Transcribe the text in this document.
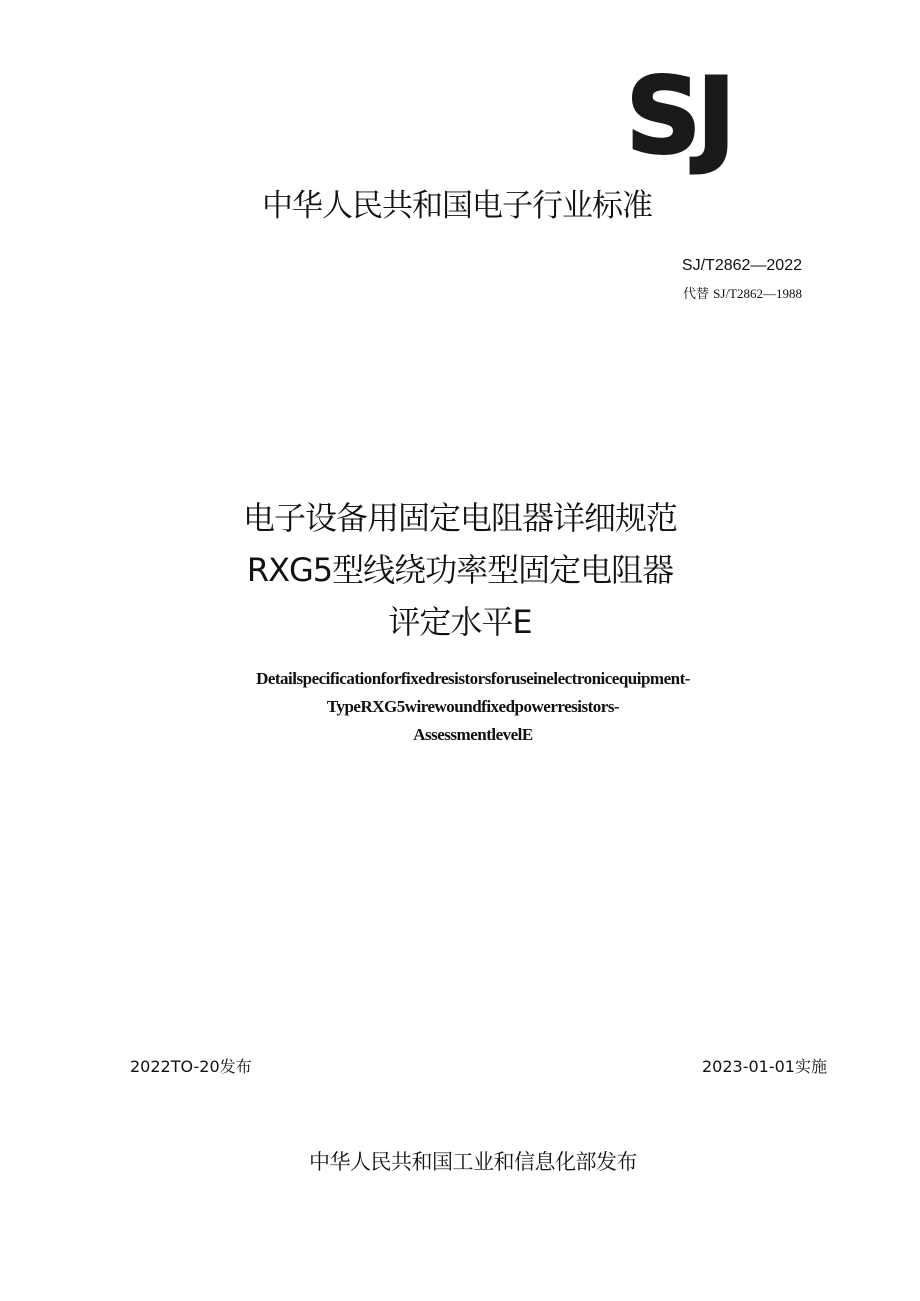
SJ
中华人民共和国电子行业标准
SJ/T2862—2022
代替 SJ/T2862—1988
电子设备用固定电阻器详细规范
RXG5型线绕功率型固定电阻器
评定水平E
Detailspecificationforfixedresistorsforuseinelectronicequipment-
TypeRXG5wirewoundfixedpowerresistors-
AssessmentlevelE
2022TO-20发布	2023-01-01实施
中华人民共和国工业和信息化部发布
